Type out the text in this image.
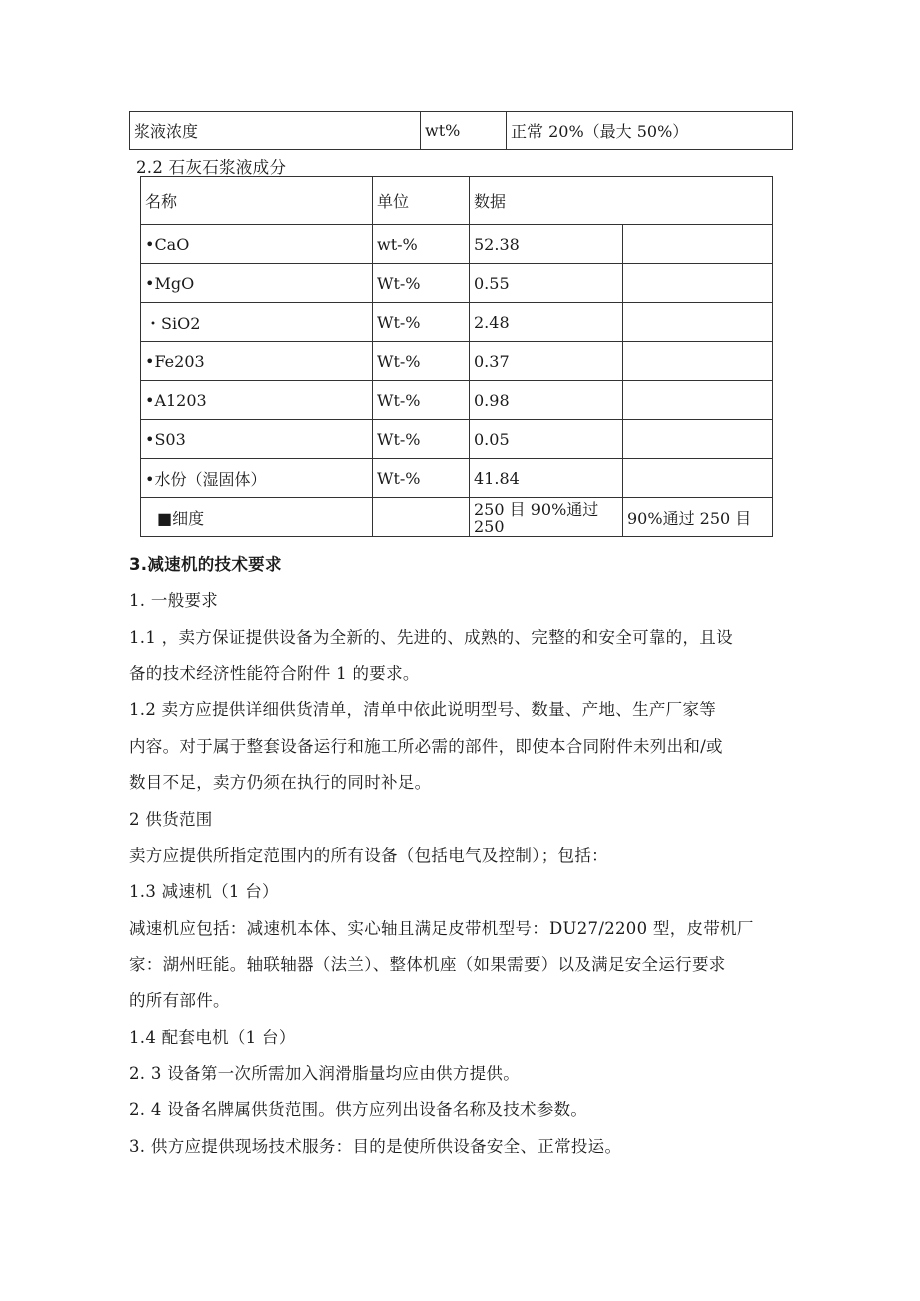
浆液浓度	wt%	正常 20%（最大 50%）
2.2 石灰石浆液成分
名称	单位	数据	
•CaO	wt-%	52.38	
•MgO	Wt-%	0.55	
・SiO2	Wt-%	2.48	
•Fe203	Wt-%	0.37	
•A1203	Wt-%	0.98	
•S03	Wt-%	0.05	
•水份（湿固体）	Wt-%	41.84	
■细度		250 目 90%通过 250	90%通过 250 目
3.减速机的技术要求
1. 一般要求
1.1 ，卖方保证提供设备为全新的、先进的、成熟的、完整的和安全可靠的，且设
备的技术经济性能符合附件 1 的要求。
1.2 卖方应提供详细供货清单，清单中依此说明型号、数量、产地、生产厂家等
内容。对于属于整套设备运行和施工所必需的部件，即使本合同附件未列出和/或
数目不足，卖方仍须在执行的同时补足。
2 供货范围
卖方应提供所指定范围内的所有设备（包括电气及控制）；包括：
1.3 减速机（1 台）
减速机应包括：减速机本体、实心轴且满足皮带机型号：DU27/2200 型，皮带机厂
家：湖州旺能。轴联轴器（法兰）、整体机座（如果需要）以及满足安全运行要求
的所有部件。
1.4 配套电机（1 台）
2. 3 设备第一次所需加入润滑脂量均应由供方提供。
2. 4 设备名牌属供货范围。供方应列出设备名称及技术参数。
3. 供方应提供现场技术服务：目的是使所供设备安全、正常投运。
